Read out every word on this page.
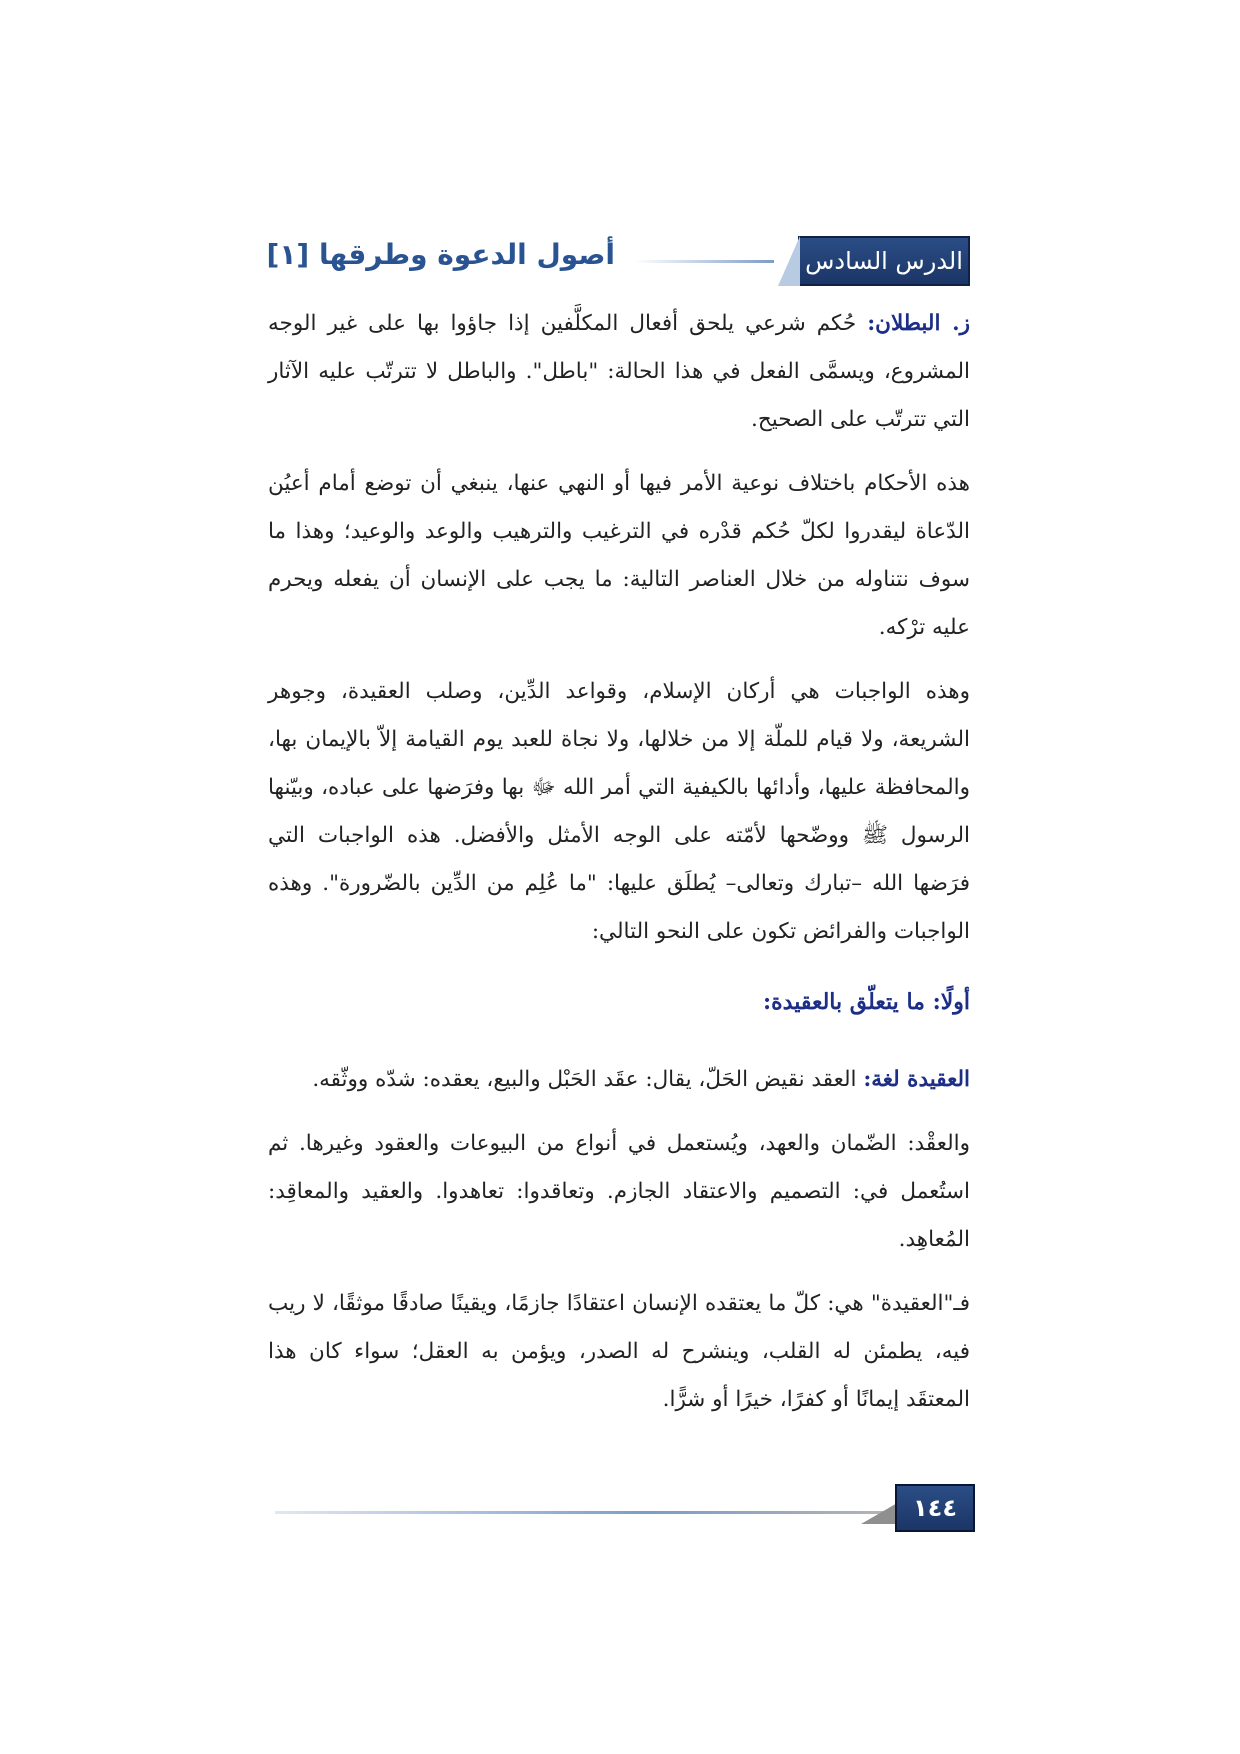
الدرس السادس
أصول الدعوة وطرقها [١]

ز. البطلان: حُكم شرعي يلحق أفعال المكلَّفين إذا جاؤوا بها على غير الوجه المشروع، ويسمَّى الفعل في هذا الحالة: "باطل". والباطل لا تترتّب عليه الآثار التي تترتّب على الصحيح.

هذه الأحكام باختلاف نوعية الأمر فيها أو النهي عنها، ينبغي أن توضع أمام أعيُن الدّعاة ليقدروا لكلّ حُكم قدْره في الترغيب والترهيب والوعد والوعيد؛ وهذا ما سوف نتناوله من خلال العناصر التالية: ما يجب على الإنسان أن يفعله ويحرم عليه ترْكه.

وهذه الواجبات هي أركان الإسلام، وقواعد الدِّين، وصلب العقيدة، وجوهر الشريعة، ولا قيام للملّة إلا من خلالها، ولا نجاة للعبد يوم القيامة إلاّ بالإيمان بها، والمحافظة عليها، وأدائها بالكيفية التي أمر الله ﷻ بها وفرَضها على عباده، وبيّنها الرسول ﷺ ووضّحها لأمّته على الوجه الأمثل والأفضل. هذه الواجبات التي فرَضها الله –تبارك وتعالى– يُطلَق عليها: "ما عُلِم من الدِّين بالضّرورة". وهذه الواجبات والفرائض تكون على النحو التالي:

أولًا: ما يتعلّق بالعقيدة:

العقيدة لغة: العقد نقيض الحَلّ، يقال: عقَد الحَبْل والبيع، يعقده: شدّه ووثّقه.

والعقْد: الضّمان والعهد، ويُستعمل في أنواع من البيوعات والعقود وغيرها. ثم استُعمل في: التصميم والاعتقاد الجازم. وتعاقدوا: تعاهدوا. والعقيد والمعاقِد: المُعاهِد.

فـ"العقيدة" هي: كلّ ما يعتقده الإنسان اعتقادًا جازمًا، ويقينًا صادقًا موثقًا، لا ريب فيه، يطمئن له القلب، وينشرح له الصدر، ويؤمن به العقل؛ سواء كان هذا المعتقَد إيمانًا أو كفرًا، خيرًا أو شرًّا.

١٤٤
